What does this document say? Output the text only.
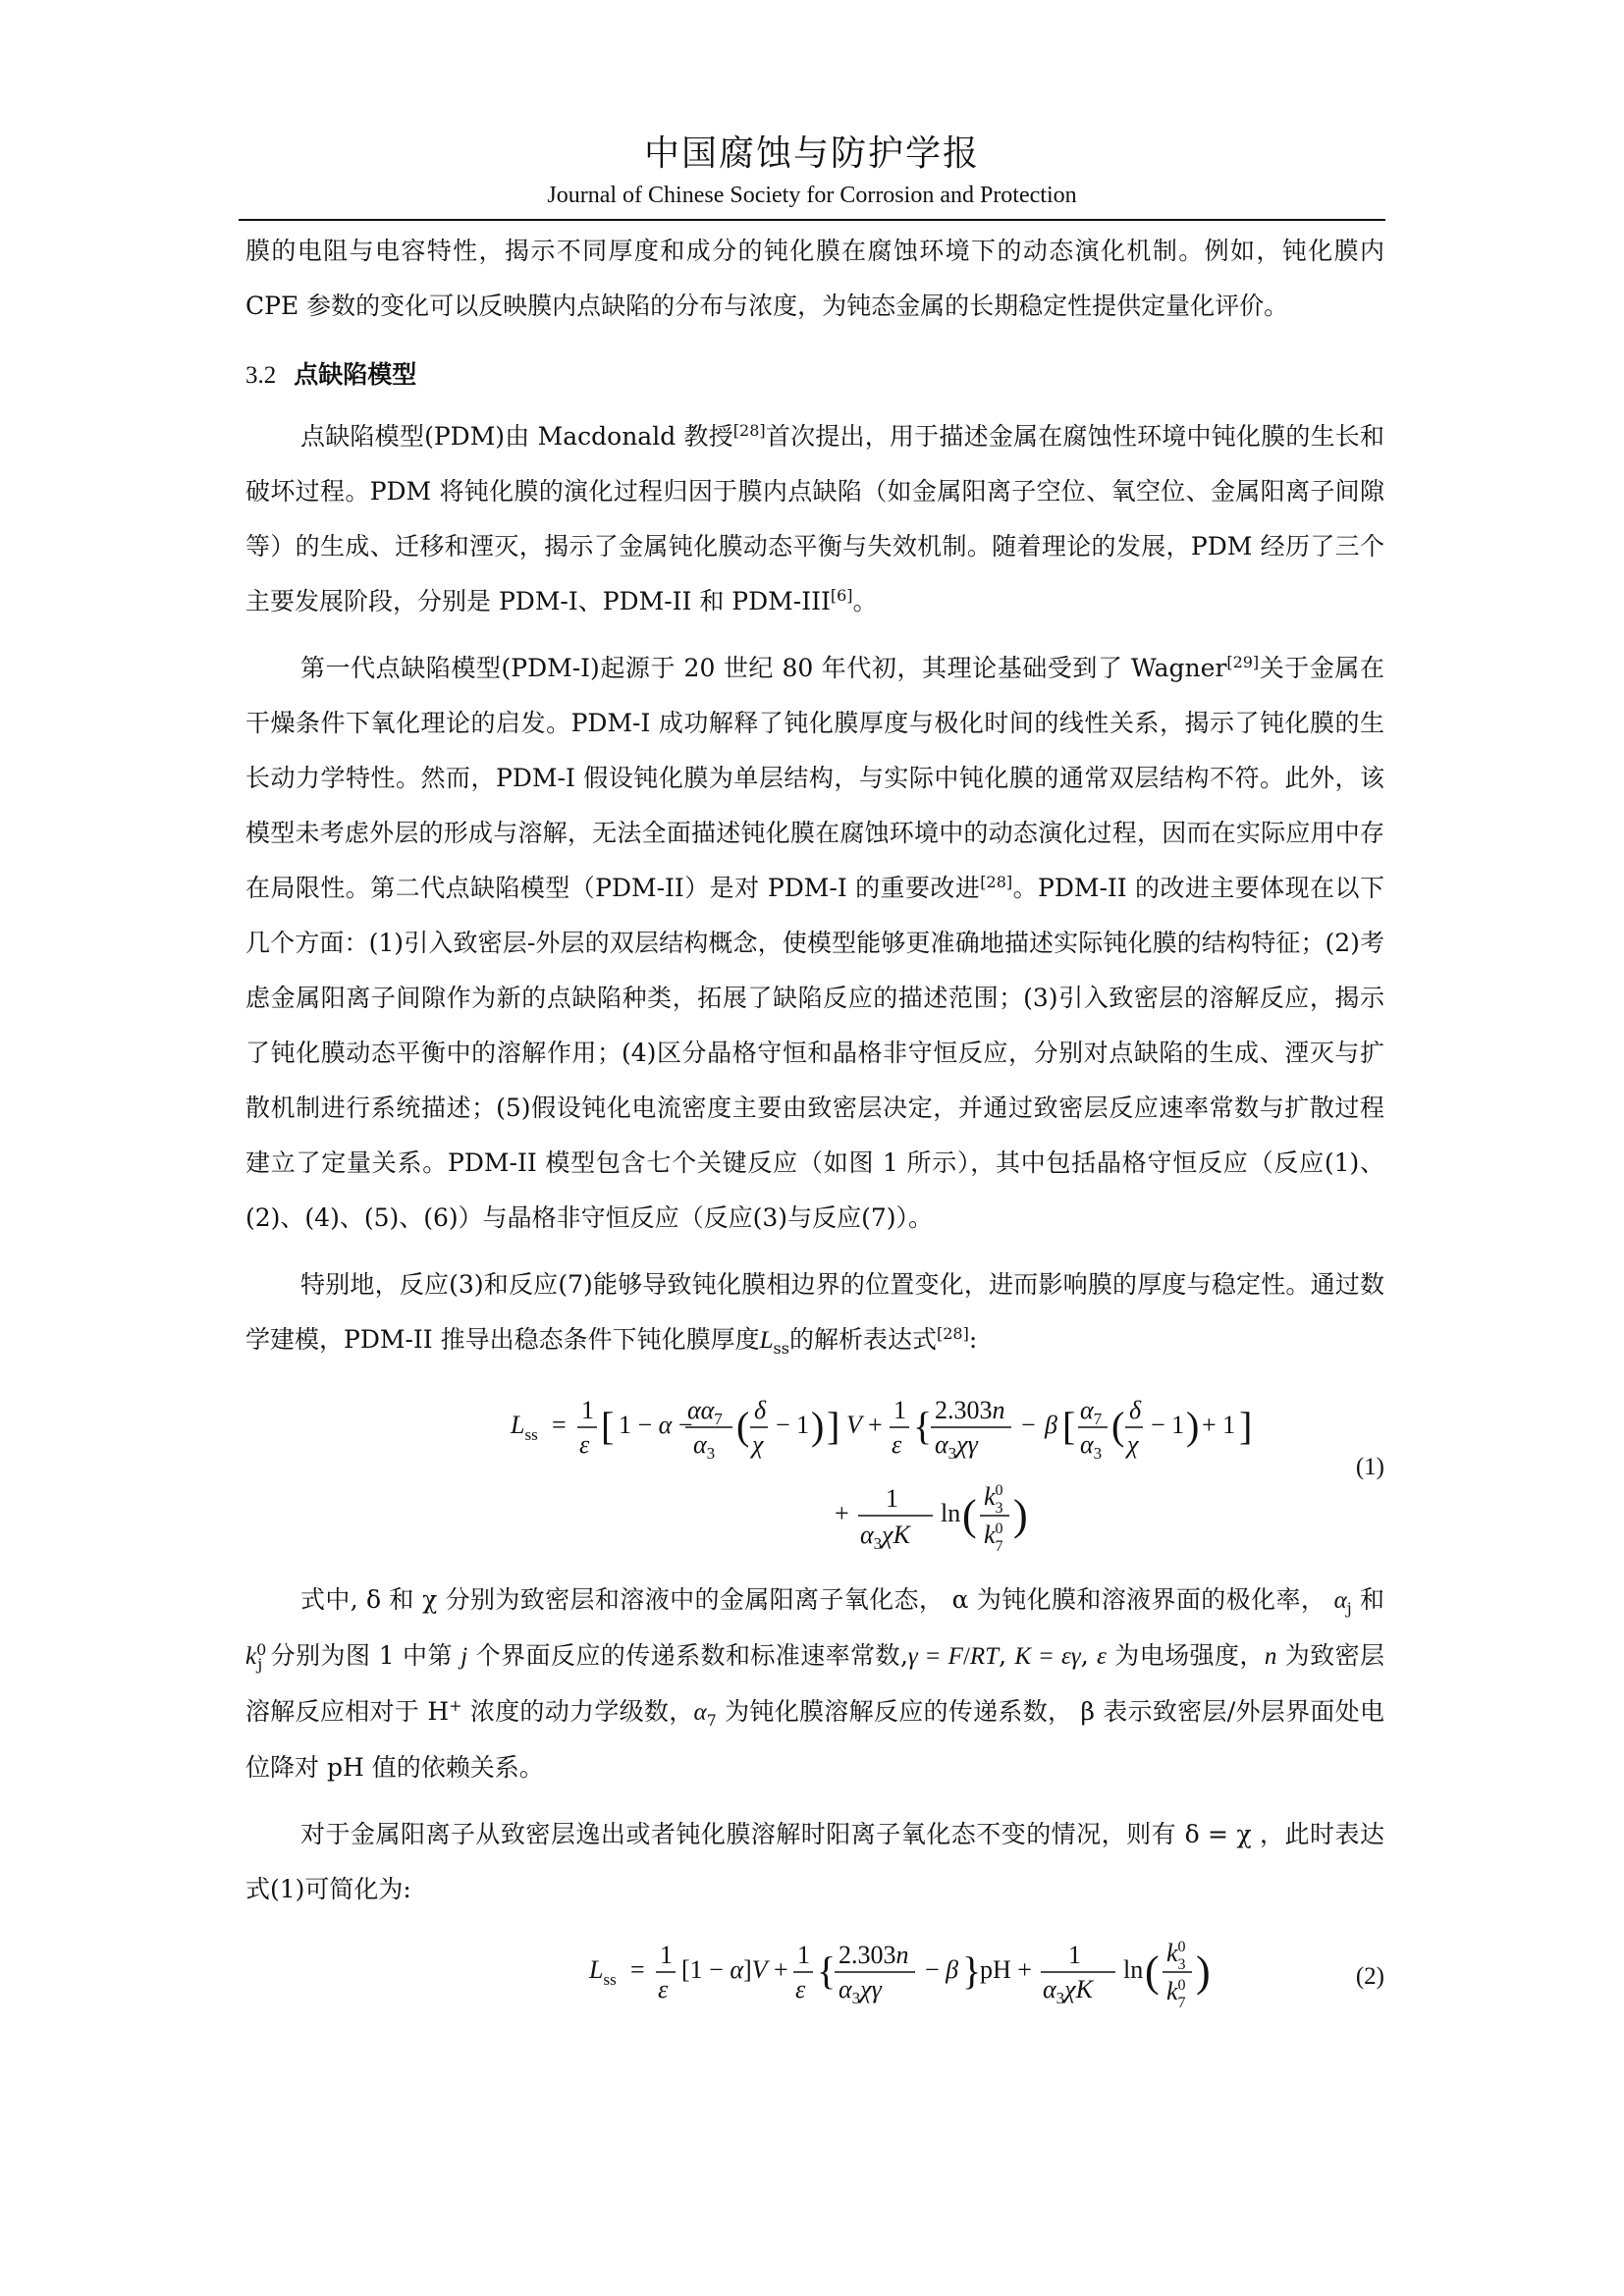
中国腐蚀与防护学报
Journal of Chinese Society for Corrosion and Protection

膜的电阻与电容特性，揭示不同厚度和成分的钝化膜在腐蚀环境下的动态演化机制。例如，钝化膜内 CPE 参数的变化可以反映膜内点缺陷的分布与浓度，为钝态金属的长期稳定性提供定量化评价。

3.2 点缺陷模型

点缺陷模型(PDM)由 Macdonald 教授[28]首次提出，用于描述金属在腐蚀性环境中钝化膜的生长和破坏过程。PDM 将钝化膜的演化过程归因于膜内点缺陷（如金属阳离子空位、氧空位、金属阳离子间隙等）的生成、迁移和湮灭，揭示了金属钝化膜动态平衡与失效机制。随着理论的发展，PDM 经历了三个主要发展阶段，分别是 PDM-I、PDM-II 和 PDM-III[6]。

第一代点缺陷模型(PDM-I)起源于 20 世纪 80 年代初，其理论基础受到了 Wagner[29]关于金属在干燥条件下氧化理论的启发。PDM-I 成功解释了钝化膜厚度与极化时间的线性关系，揭示了钝化膜的生长动力学特性。然而，PDM-I 假设钝化膜为单层结构，与实际中钝化膜的通常双层结构不符。此外，该模型未考虑外层的形成与溶解，无法全面描述钝化膜在腐蚀环境中的动态演化过程，因而在实际应用中存在局限性。第二代点缺陷模型（PDM-II）是对 PDM-I 的重要改进[28]。PDM-II 的改进主要体现在以下几个方面：(1)引入致密层-外层的双层结构概念，使模型能够更准确地描述实际钝化膜的结构特征；(2)考虑金属阳离子间隙作为新的点缺陷种类，拓展了缺陷反应的描述范围；(3)引入致密层的溶解反应，揭示了钝化膜动态平衡中的溶解作用；(4)区分晶格守恒和晶格非守恒反应，分别对点缺陷的生成、湮灭与扩散机制进行系统描述；(5)假设钝化电流密度主要由致密层决定，并通过致密层反应速率常数与扩散过程建立了定量关系。PDM-II 模型包含七个关键反应（如图 1 所示），其中包括晶格守恒反应（反应(1)、(2)、(4)、(5)、(6)）与晶格非守恒反应（反应(3)与反应(7)）。

特别地，反应(3)和反应(7)能够导致钝化膜相边界的位置变化，进而影响膜的厚度与稳定性。通过数学建模，PDM-II 推导出稳态条件下钝化膜厚度$L_{ss}$的解析表达式[28]:

$L_{ss}$ =
1
ε [ 1 − α −
$\alpha\alpha_7$
$\alpha_3$
( δ
χ
− 1 ) ] V +
1
ε { 2.303n
$\alpha_3\chi\gamma$
− β [ $\alpha_7$
$\alpha_3$
( δ
χ
− 1 ) + 1 ]
+
1
$\alpha_3\chi K$
ln ( $k^0$ 3
$k^0$ 7
)
(1)

式中, δ 和 χ 分别为致密层和溶液中的金属阳离子氧化态， α 为钝化膜和溶液界面的极化率， $\alpha_j$ 和 $k^0_j$ 分别为图 1 中第 j 个界面反应的传递系数和标准速率常数,γ = F/RT, K = εγ, ε 为电场强度，n 为致密层溶解反应相对于 H+ 浓度的动力学级数，$\alpha_7$ 为钝化膜溶解反应的传递系数， β 表示致密层/外层界面处电位降对 pH 值的依赖关系。

对于金属阳离子从致密层逸出或者钝化膜溶解时阳离子氧化态不变的情况，则有 δ = χ ，此时表达式(1)可简化为:

$L_{ss}$ =
1
ε
[1 − α]V +
1
ε { 2.303n
$\alpha_3\chi\gamma$
− β }
pH +
1
$\alpha_3\chi K$
ln ( $k^0$ 3
$k^0$ 7
)	(2)
